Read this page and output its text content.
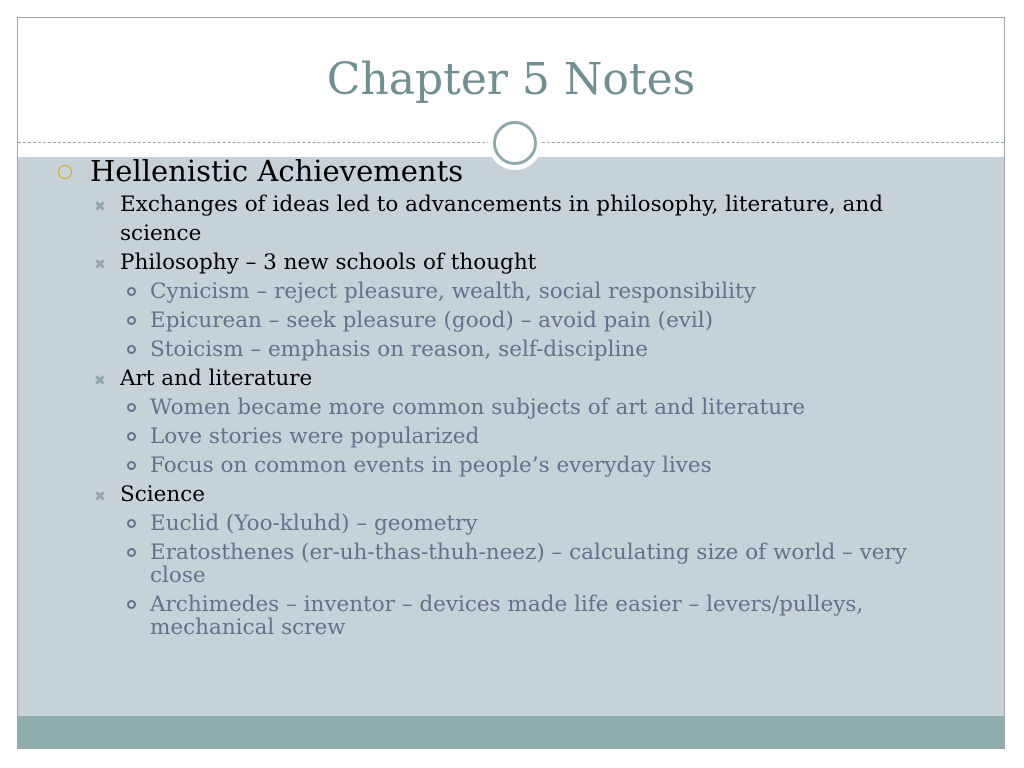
Chapter 5 Notes
Hellenistic Achievements
✖ Exchanges of ideas led to advancements in philosophy, literature, and science
✖ Philosophy – 3 new schools of thought
Cynicism – reject pleasure, wealth, social responsibility
Epicurean – seek pleasure (good) – avoid pain (evil)
Stoicism – emphasis on reason, self-discipline
✖ Art and literature
Women became more common subjects of art and literature
Love stories were popularized
Focus on common events in people’s everyday lives
✖ Science
Euclid (Yoo-kluhd) – geometry
Eratosthenes (er-uh-thas-thuh-neez) – calculating size of world – very close
Archimedes – inventor – devices made life easier – levers/pulleys, mechanical screw
